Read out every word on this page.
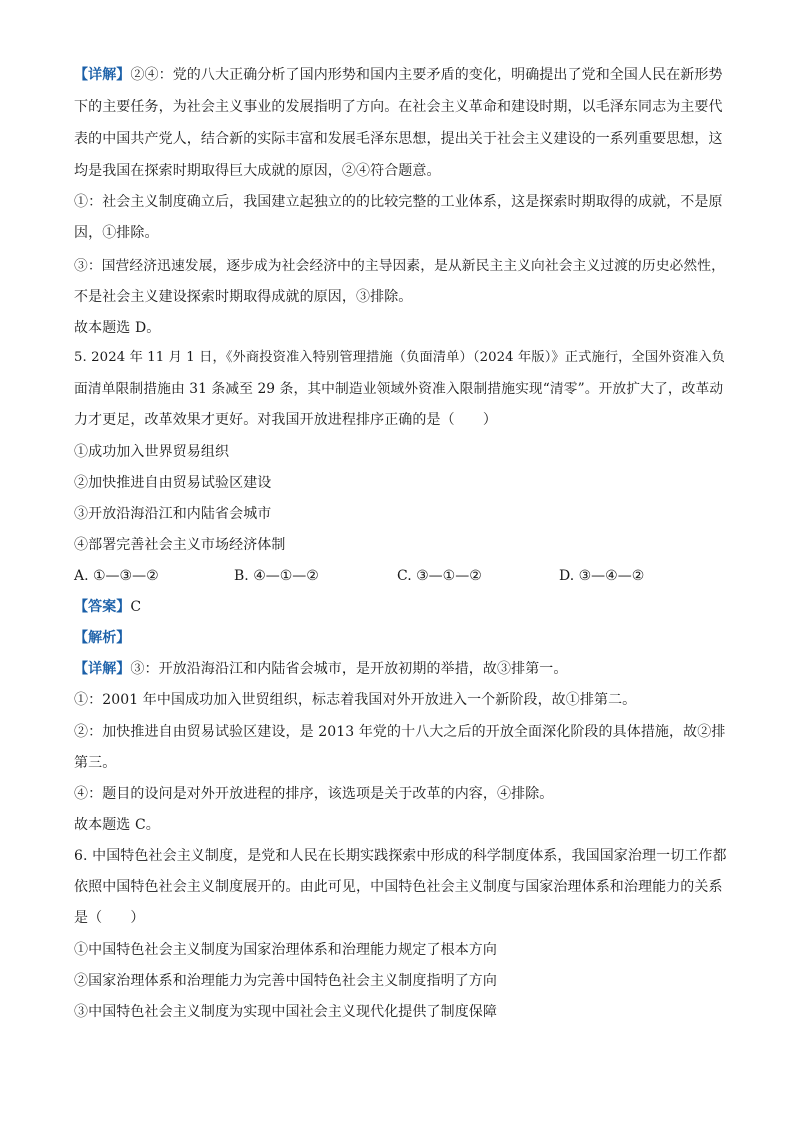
【详解】②④：党的八大正确分析了国内形势和国内主要矛盾的变化，明确提出了党和全国人民在新形势
下的主要任务，为社会主义事业的发展指明了方向。在社会主义革命和建设时期，以毛泽东同志为主要代
表的中国共产党人，结合新的实际丰富和发展毛泽东思想，提出关于社会主义建设的一系列重要思想，这
均是我国在探索时期取得巨大成就的原因，②④符合题意。
①：社会主义制度确立后，我国建立起独立的的比较完整的工业体系，这是探索时期取得的成就，不是原
因，①排除。
③：国营经济迅速发展，逐步成为社会经济中的主导因素，是从新民主主义向社会主义过渡的历史必然性，
不是社会主义建设探索时期取得成就的原因，③排除。
故本题选 D。
5. 2024 年 11 月 1 日，《外商投资准入特别管理措施（负面清单）（2024 年版）》正式施行，全国外资准入负
面清单限制措施由 31 条减至 29 条，其中制造业领域外资准入限制措施实现“清零”。开放扩大了，改革动
力才更足，改革效果才更好。对我国开放进程排序正确的是（　　）
①成功加入世界贸易组织
②加快推进自由贸易试验区建设
③开放沿海沿江和内陆省会城市
④部署完善社会主义市场经济体制
A. ①—③—②	B. ④—①—②	C. ③—①—②	D. ③—④—②
【答案】C
【解析】
【详解】③：开放沿海沿江和内陆省会城市，是开放初期的举措，故③排第一。
①：2001 年中国成功加入世贸组织，标志着我国对外开放进入一个新阶段，故①排第二。
②：加快推进自由贸易试验区建设，是 2013 年党的十八大之后的开放全面深化阶段的具体措施，故②排
第三。
④：题目的设问是对外开放进程的排序，该选项是关于改革的内容，④排除。
故本题选 C。
6. 中国特色社会主义制度，是党和人民在长期实践探索中形成的科学制度体系，我国国家治理一切工作都
依照中国特色社会主义制度展开的。由此可见，中国特色社会主义制度与国家治理体系和治理能力的关系
是（　　）
①中国特色社会主义制度为国家治理体系和治理能力规定了根本方向
②国家治理体系和治理能力为完善中国特色社会主义制度指明了方向
③中国特色社会主义制度为实现中国社会主义现代化提供了制度保障
